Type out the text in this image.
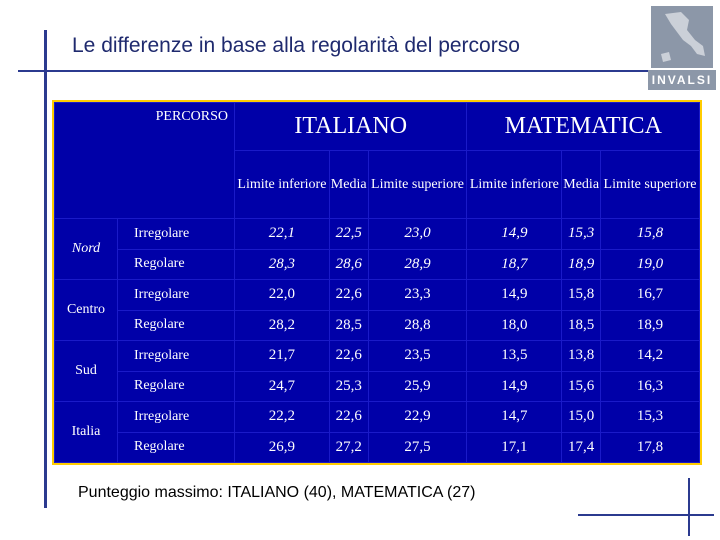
Le differenze in base alla regolarità del percorso
INVALSI
PERCORSO		ITALIANO			MATEMATICA		
		Limite inferiore	Media	Limite superiore	Limite inferiore	Media	Limite superiore
Nord	Irregolare	22,1	22,5	23,0	14,9	15,3	15,8
	Regolare	28,3	28,6	28,9	18,7	18,9	19,0
Centro	Irregolare	22,0	22,6	23,3	14,9	15,8	16,7
	Regolare	28,2	28,5	28,8	18,0	18,5	18,9
Sud	Irregolare	21,7	22,6	23,5	13,5	13,8	14,2
	Regolare	24,7	25,3	25,9	14,9	15,6	16,3
Italia	Irregolare	22,2	22,6	22,9	14,7	15,0	15,3
	Regolare	26,9	27,2	27,5	17,1	17,4	17,8
Punteggio massimo: ITALIANO (40), MATEMATICA (27)
